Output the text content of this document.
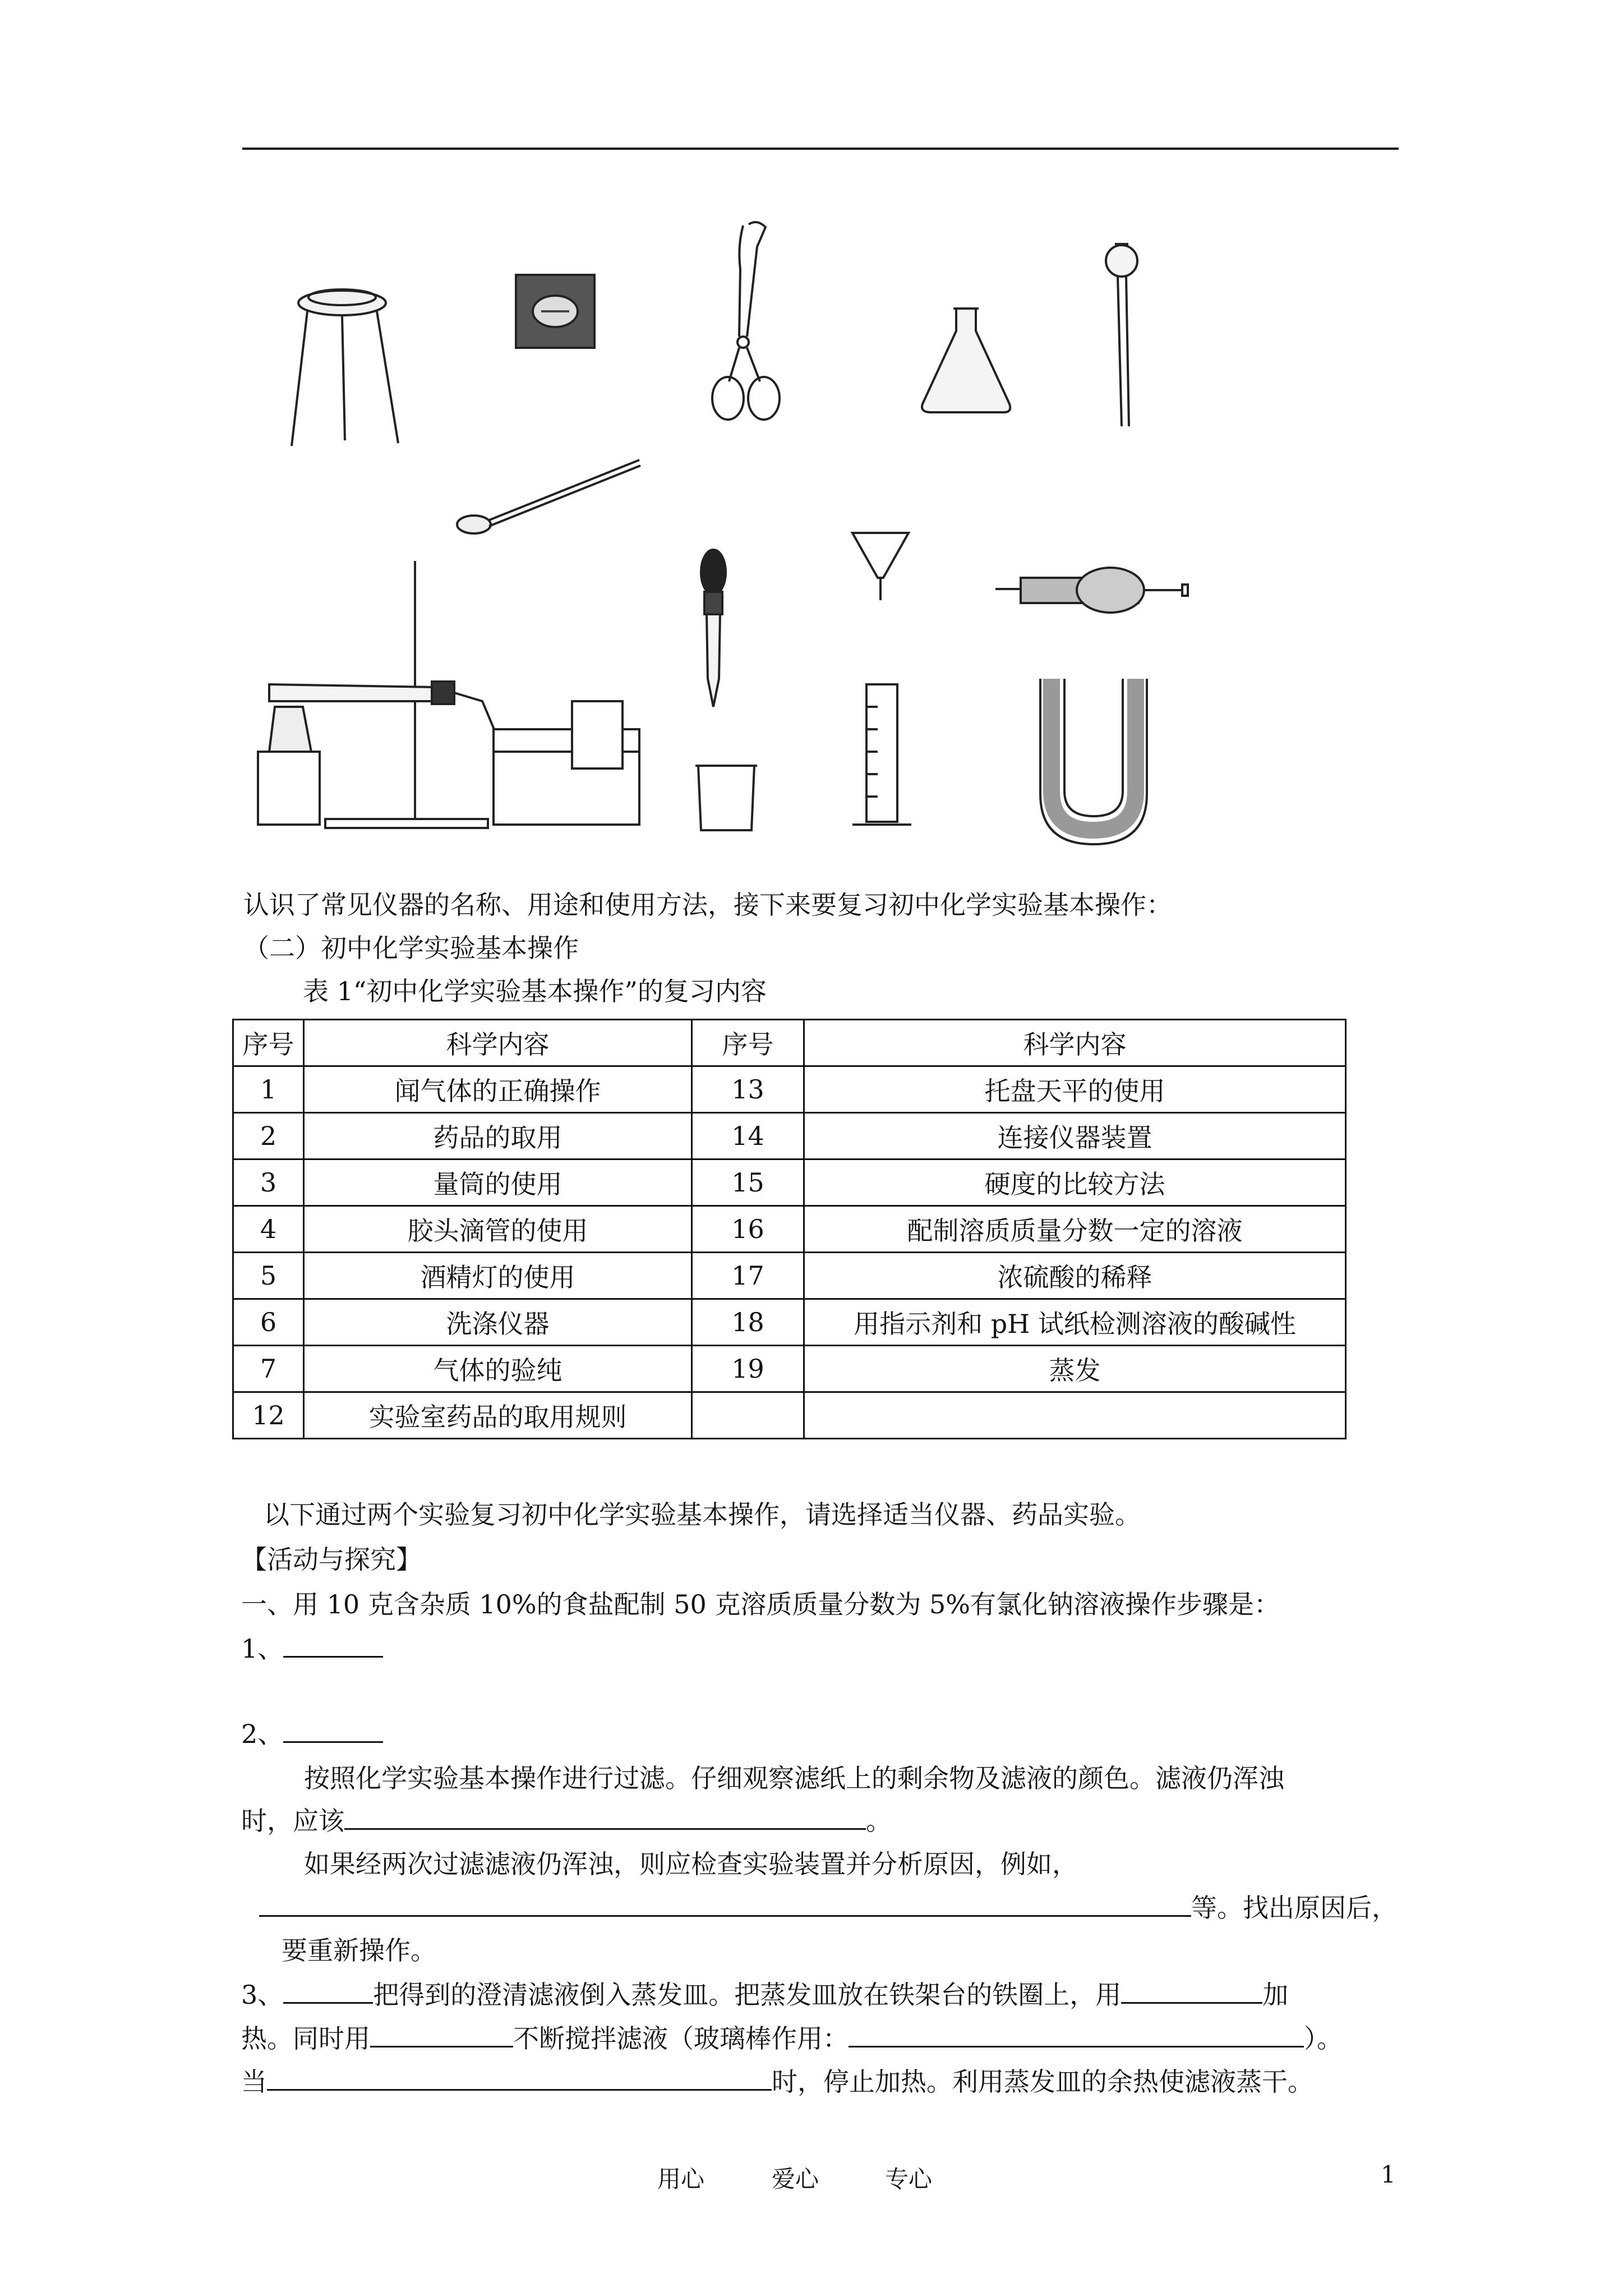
认识了常见仪器的名称、用途和使用方法，接下来要复习初中化学实验基本操作：
（二）初中化学实验基本操作
表 1“初中化学实验基本操作”的复习内容
序号	科学内容	序号	科学内容
1	闻气体的正确操作	13	托盘天平的使用
2	药品的取用	14	连接仪器装置
3	量筒的使用	15	硬度的比较方法
4	胶头滴管的使用	16	配制溶质质量分数一定的溶液
5	酒精灯的使用	17	浓硫酸的稀释
6	洗涤仪器	18	用指示剂和 pH 试纸检测溶液的酸碱性
7	气体的验纯	19	蒸发
12	实验室药品的取用规则		
以下通过两个实验复习初中化学实验基本操作，请选择适当仪器、药品实验。
【活动与探究】
一、用 10 克含杂质 10%的食盐配制 50 克溶质质量分数为 5%有氯化钠溶液操作步骤是：
1、
2、
按照化学实验基本操作进行过滤。仔细观察滤纸上的剩余物及滤液的颜色。滤液仍浑浊
时，应该	。
如果经两次过滤滤液仍浑浊，则应检查实验装置并分析原因，例如，
等。找出原因后，
要重新操作。
3、	把得到的澄清滤液倒入蒸发皿。把蒸发皿放在铁架台的铁圈上，用	加
热。同时用	不断搅拌滤液（玻璃棒作用：	）。
当	时，停止加热。利用蒸发皿的余热使滤液蒸干。
用心	爱心	专心	1
